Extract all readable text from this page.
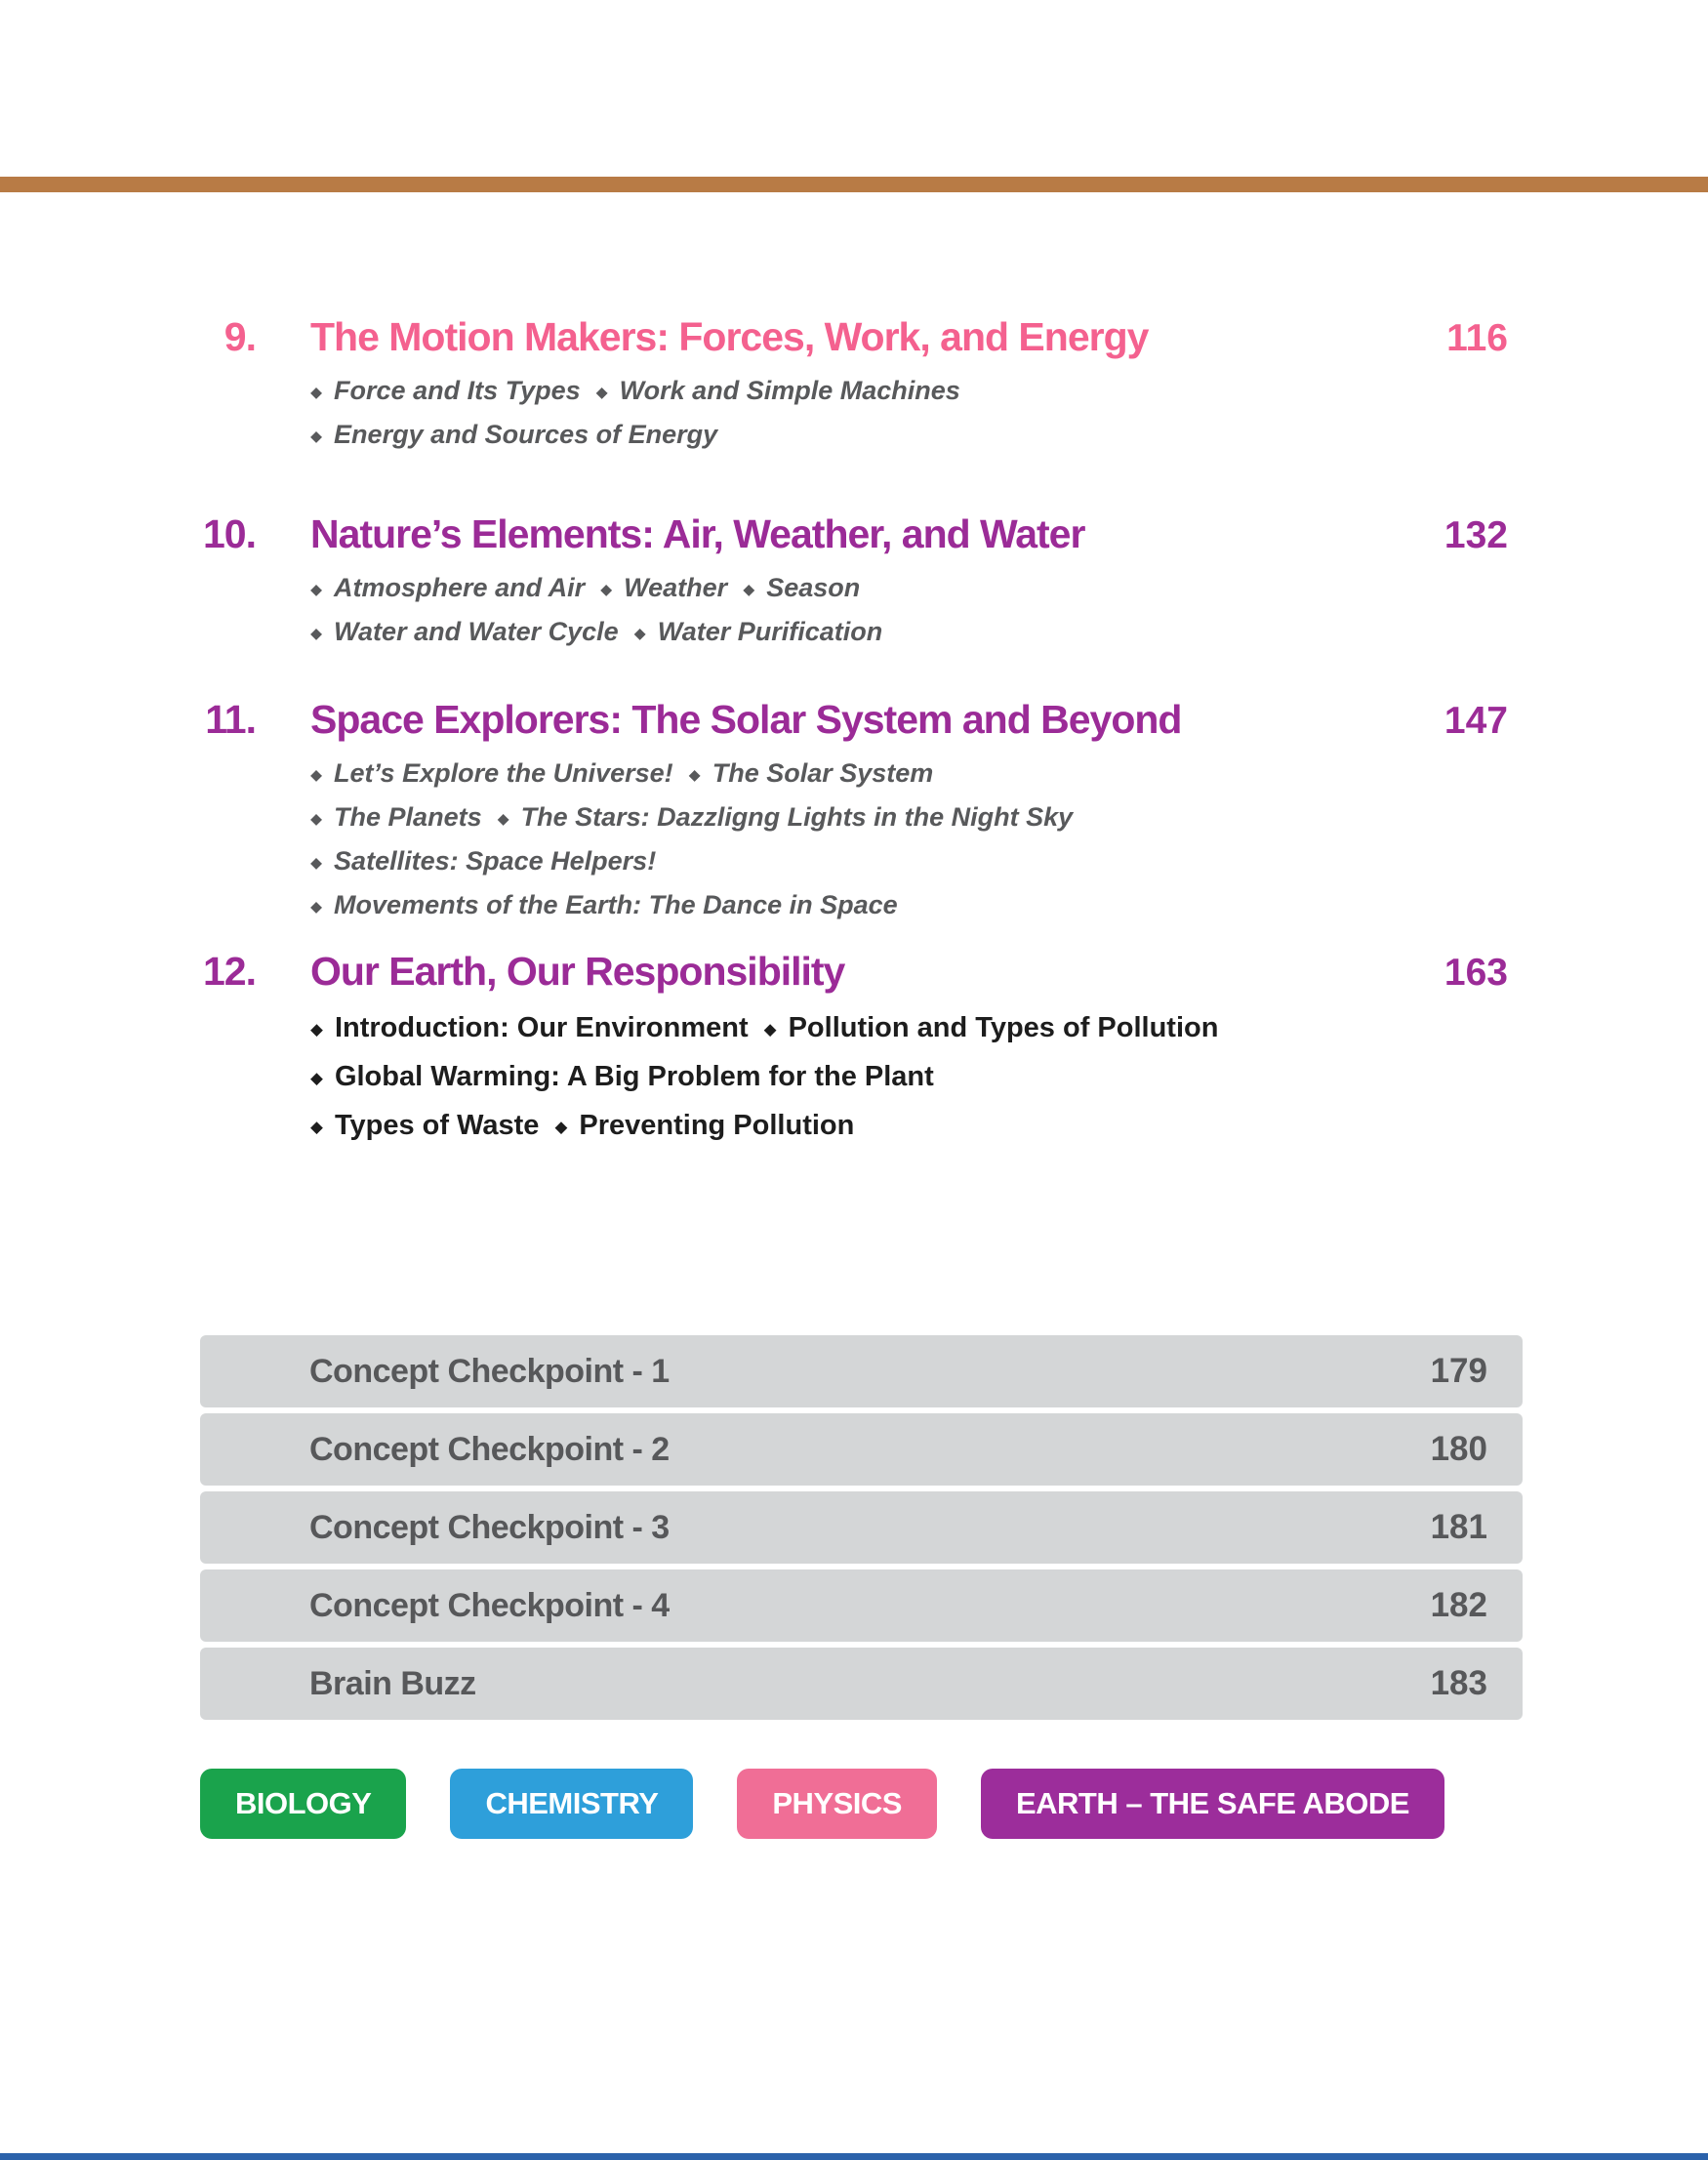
9. The Motion Makers: Forces, Work, and Energy	116
◆ Force and Its Types ◆ Work and Simple Machines
◆ Energy and Sources of Energy
10. Nature’s Elements: Air, Weather, and Water	132
◆ Atmosphere and Air ◆ Weather ◆ Season
◆ Water and Water Cycle ◆ Water Purification
11. Space Explorers: The Solar System and Beyond	147
◆ Let’s Explore the Universe! ◆ The Solar System
◆ The Planets ◆ The Stars: Dazzligng Lights in the Night Sky
◆ Satellites: Space Helpers!
◆ Movements of the Earth: The Dance in Space
12. Our Earth, Our Responsibility	163
◆ Introduction: Our Environment ◆ Pollution and Types of Pollution
◆ Global Warming: A Big Problem for the Plant
◆ Types of Waste ◆ Preventing Pollution
Concept Checkpoint - 1	179
Concept Checkpoint - 2	180
Concept Checkpoint - 3	181
Concept Checkpoint - 4	182
Brain Buzz	183
BIOLOGY	CHEMISTRY	PHYSICS	EARTH – THE SAFE ABODE
